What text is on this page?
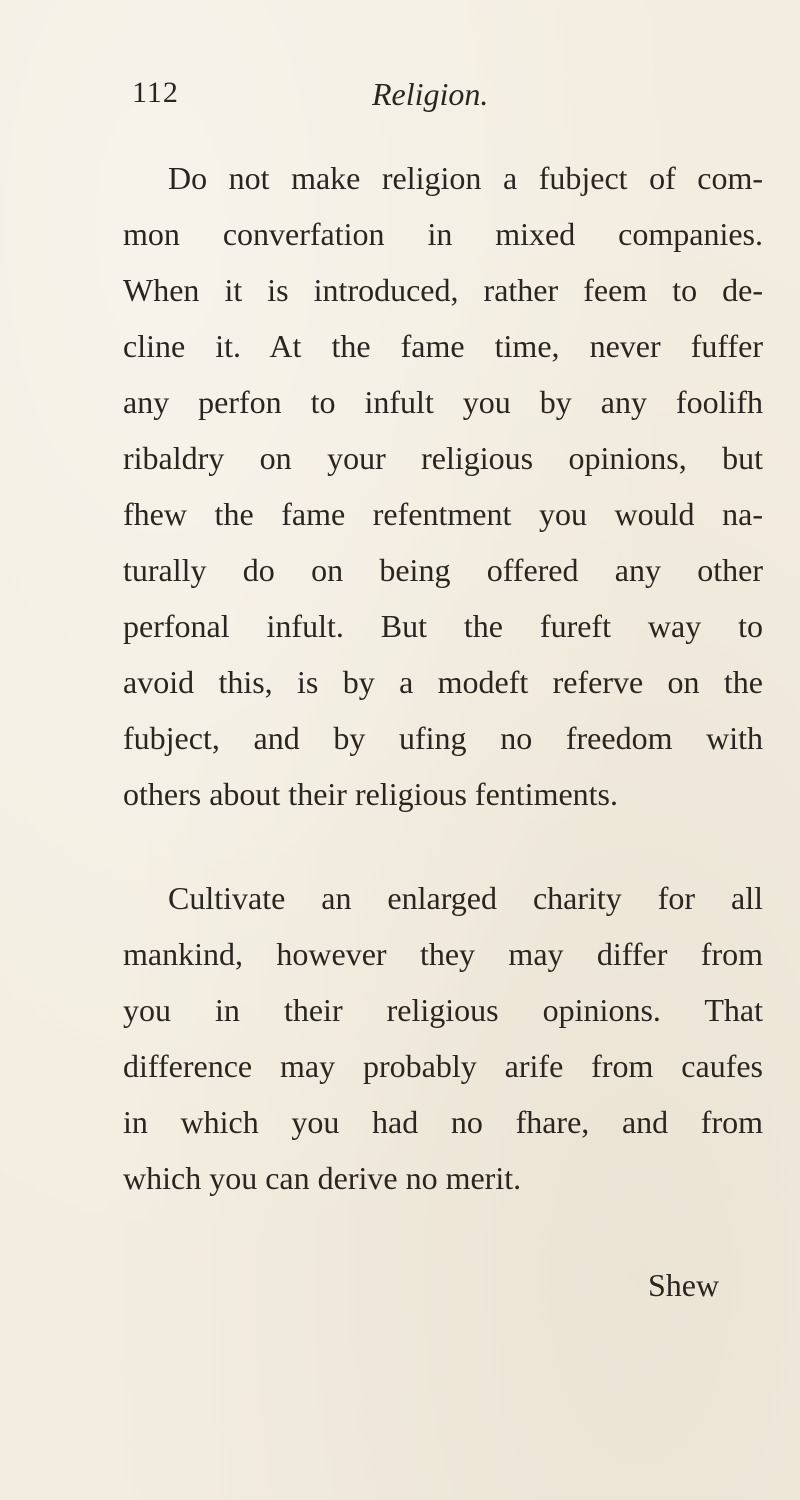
112	Religion.
Do not make religion a fubject of com-
mon converfation in mixed companies.
When it is introduced, rather feem to de-
cline it. At the fame time, never fuffer
any perfon to infult you by any foolifh
ribaldry on your religious opinions, but
fhew the fame refentment you would na-
turally do on being offered any other
perfonal infult. But the fureft way to
avoid this, is by a modeft referve on the
fubject, and by ufing no freedom with
others about their religious fentiments.
Cultivate an enlarged charity for all
mankind, however they may differ from
you in their religious opinions. That
difference may probably arife from caufes
in which you had no fhare, and from
which you can derive no merit.
Shew
